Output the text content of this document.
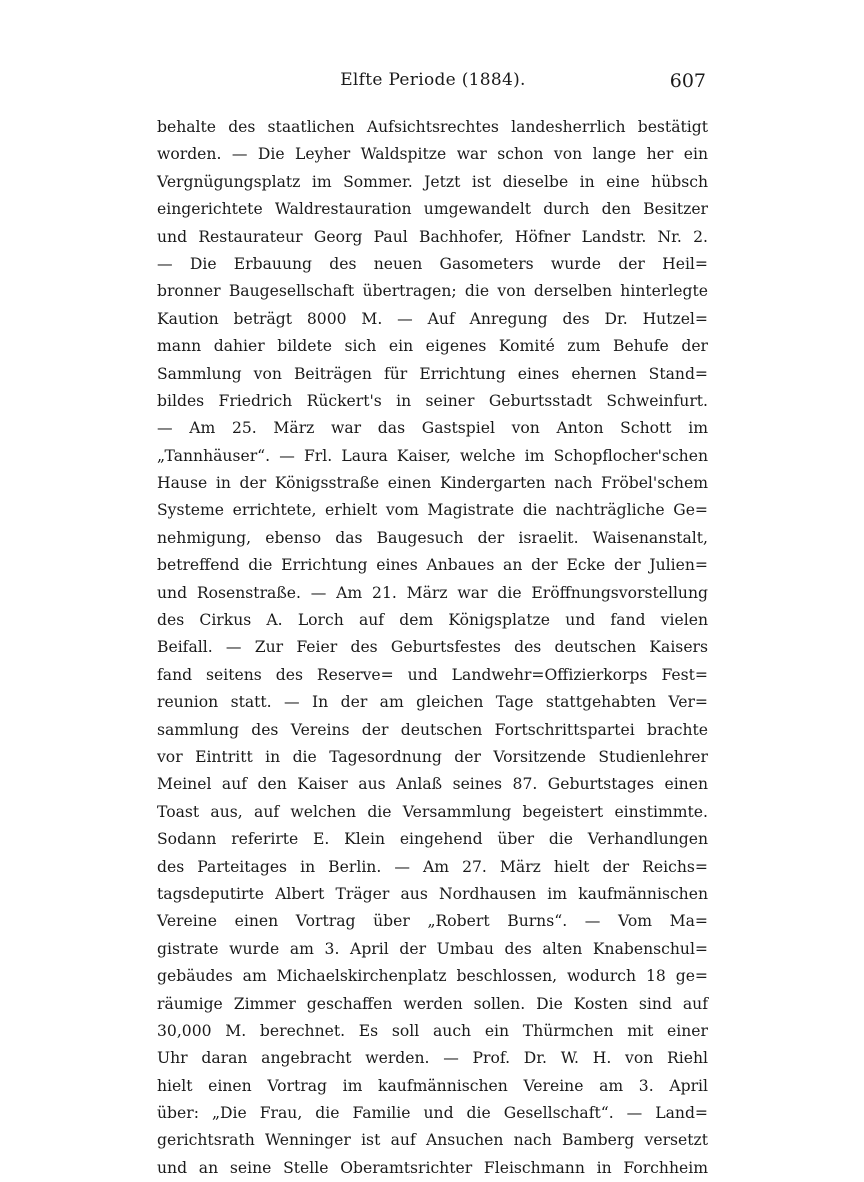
Elfte Periode (1884).	607
behalte des staatlichen Aufsichtsrechtes landesherrlich bestätigt
worden. — Die Leyher Waldspitze war schon von lange her ein
Vergnügungsplatz im Sommer. Jetzt ist dieselbe in eine hübsch
eingerichtete Waldrestauration umgewandelt durch den Besitzer
und Restaurateur Georg Paul Bachhofer, Höfner Landstr. Nr. 2.
— Die Erbauung des neuen Gasometers wurde der Heil=
bronner Baugesellschaft übertragen; die von derselben hinterlegte
Kaution beträgt 8000 M. — Auf Anregung des Dr. Hutzel=
mann dahier bildete sich ein eigenes Komité zum Behufe der
Sammlung von Beiträgen für Errichtung eines ehernen Stand=
bildes Friedrich Rückert's in seiner Geburtsstadt Schweinfurt.
— Am 25. März war das Gastspiel von Anton Schott im
„Tannhäuser“. — Frl. Laura Kaiser, welche im Schopflocher'schen
Hause in der Königsstraße einen Kindergarten nach Fröbel'schem
Systeme errichtete, erhielt vom Magistrate die nachträgliche Ge=
nehmigung, ebenso das Baugesuch der israelit. Waisenanstalt,
betreffend die Errichtung eines Anbaues an der Ecke der Julien=
und Rosenstraße. — Am 21. März war die Eröffnungsvorstellung
des Cirkus A. Lorch auf dem Königsplatze und fand vielen
Beifall. — Zur Feier des Geburtsfestes des deutschen Kaisers
fand seitens des Reserve= und Landwehr=Offizierkorps Fest=
reunion statt. — In der am gleichen Tage stattgehabten Ver=
sammlung des Vereins der deutschen Fortschrittspartei brachte
vor Eintritt in die Tagesordnung der Vorsitzende Studienlehrer
Meinel auf den Kaiser aus Anlaß seines 87. Geburtstages einen
Toast aus, auf welchen die Versammlung begeistert einstimmte.
Sodann referirte E. Klein eingehend über die Verhandlungen
des Parteitages in Berlin. — Am 27. März hielt der Reichs=
tagsdeputirte Albert Träger aus Nordhausen im kaufmännischen
Vereine einen Vortrag über „Robert Burns“. — Vom Ma=
gistrate wurde am 3. April der Umbau des alten Knabenschul=
gebäudes am Michaelskirchenplatz beschlossen, wodurch 18 ge=
räumige Zimmer geschaffen werden sollen. Die Kosten sind auf
30,000 M. berechnet. Es soll auch ein Thürmchen mit einer
Uhr daran angebracht werden. — Prof. Dr. W. H. von Riehl
hielt einen Vortrag im kaufmännischen Vereine am 3. April
über: „Die Frau, die Familie und die Gesellschaft“. — Land=
gerichtsrath Wenninger ist auf Ansuchen nach Bamberg versetzt
und an seine Stelle Oberamtsrichter Fleischmann in Forchheim
